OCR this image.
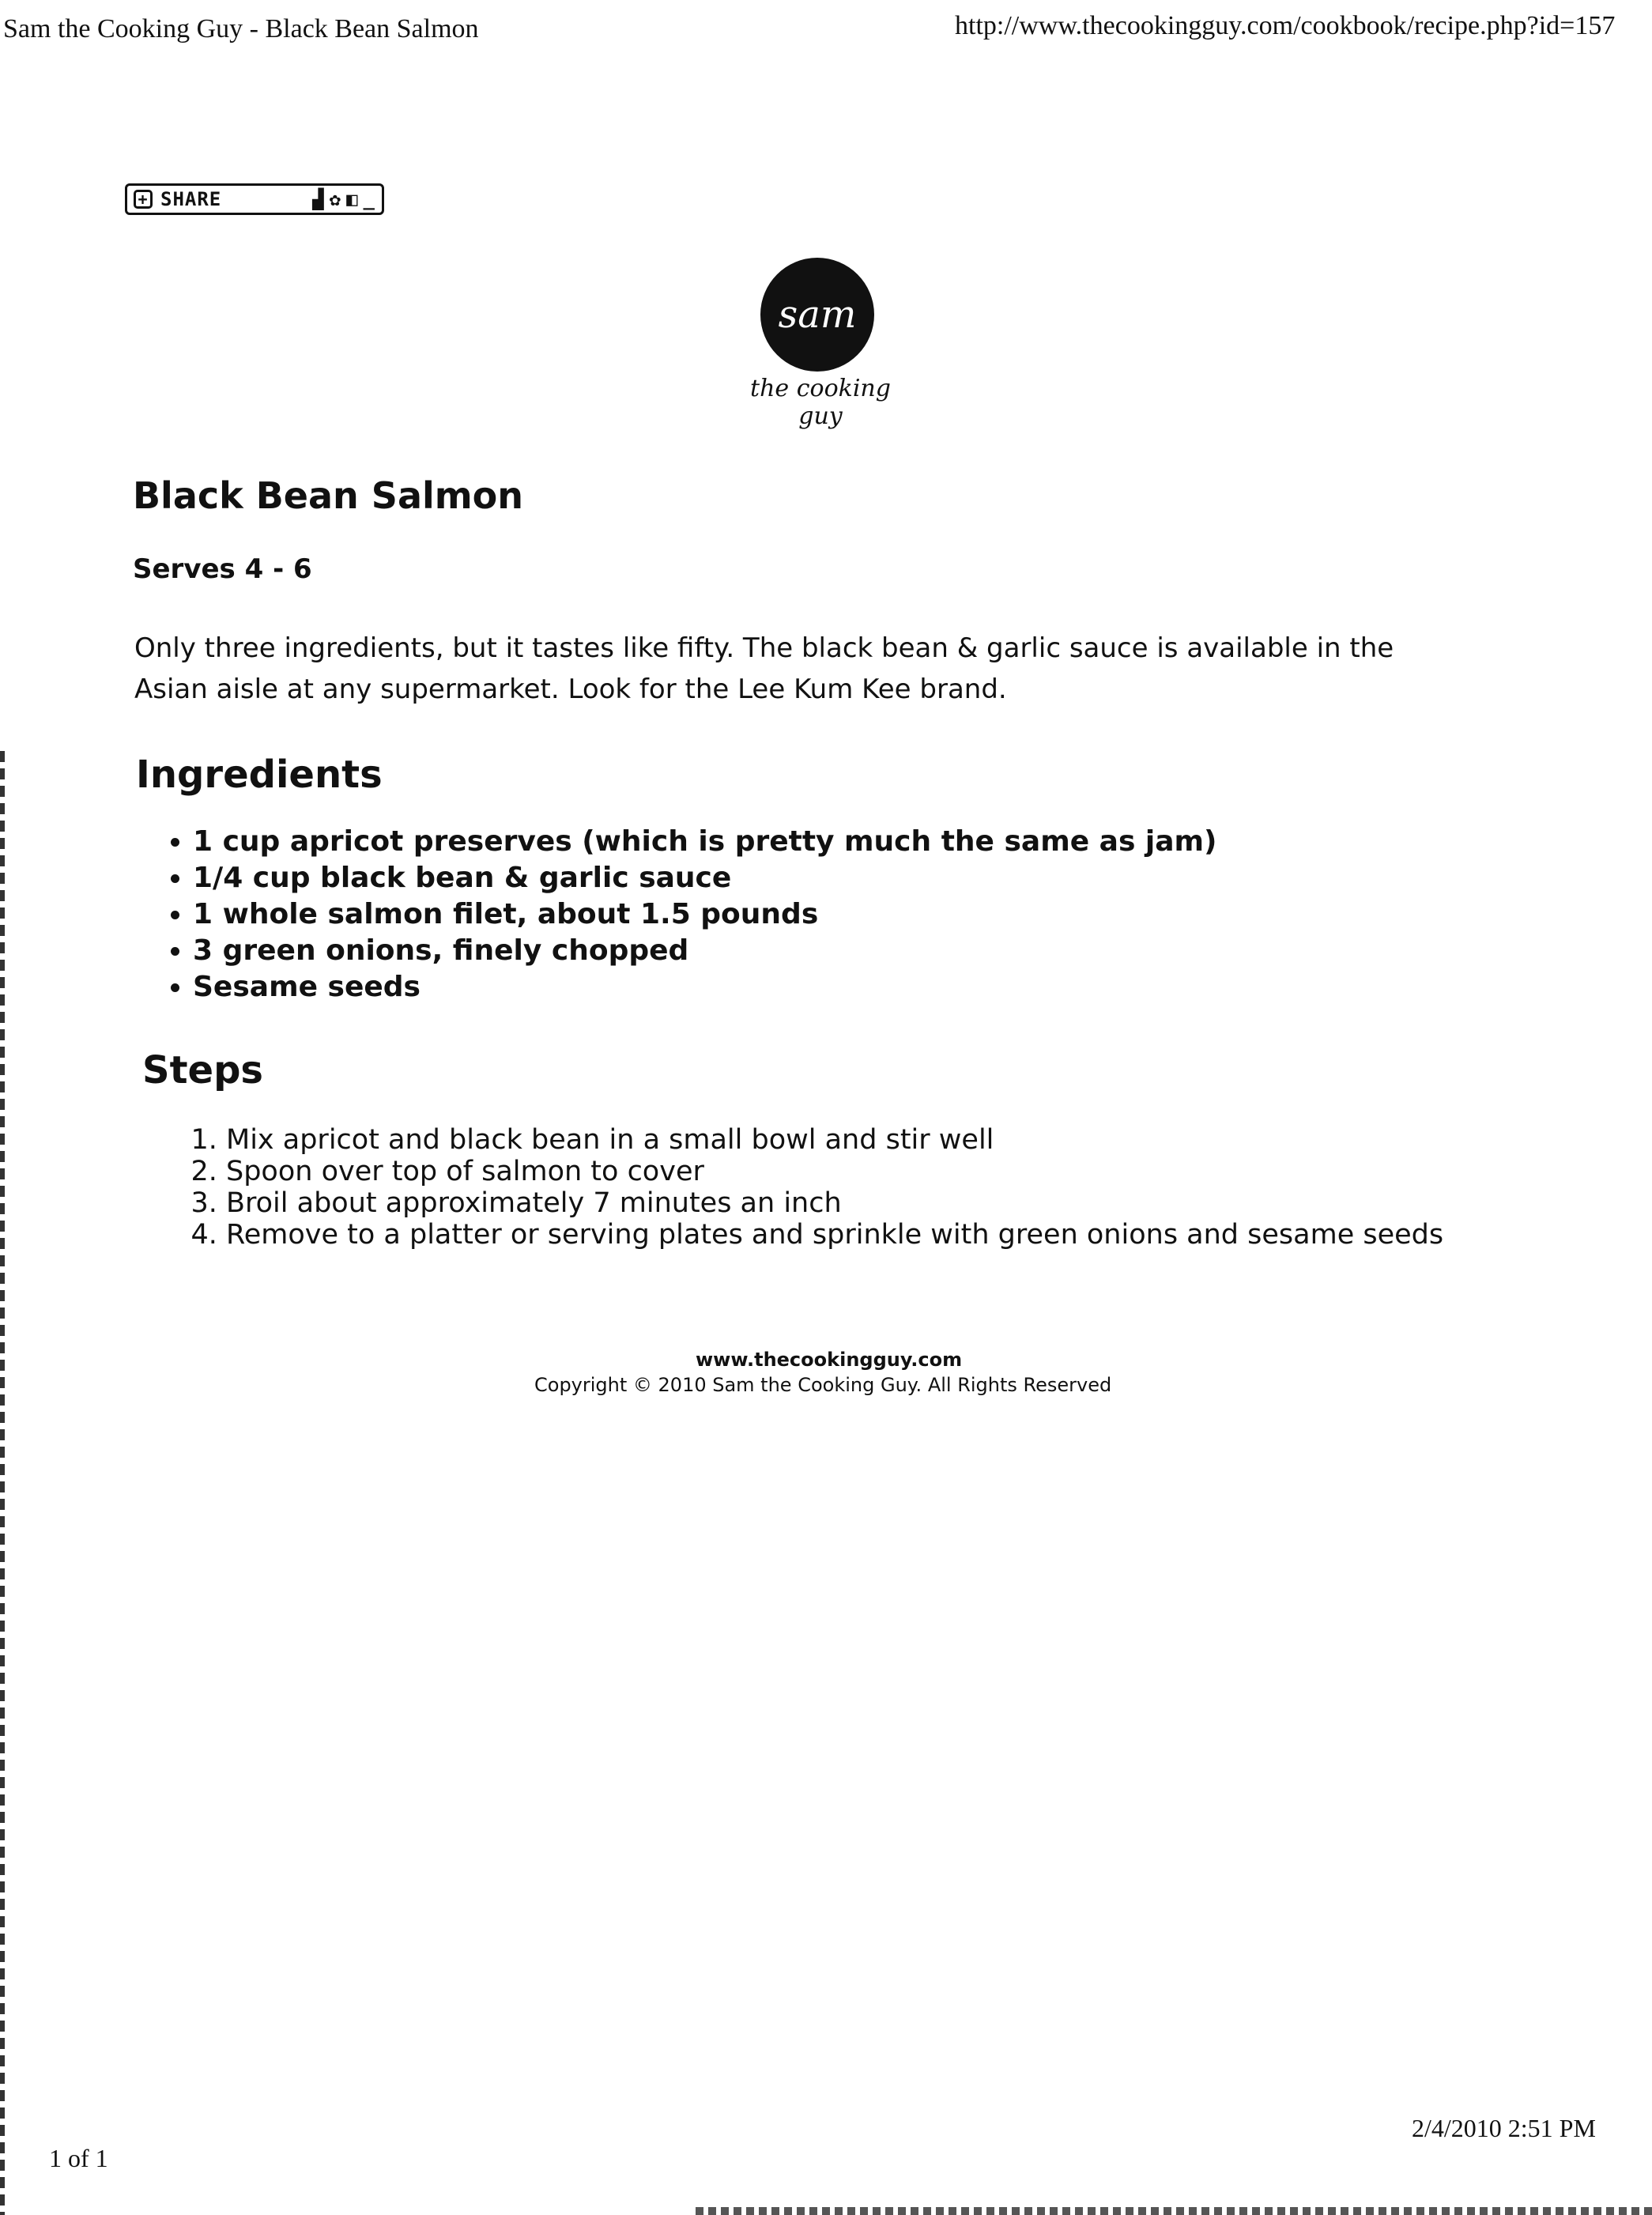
Sam the Cooking Guy - Black Bean Salmon	http://www.thecookingguy.com/cookbook/recipe.php?id=157
+ SHARE	▟ ✿ ◧ _
sam
the cooking guy
Black Bean Salmon
Serves 4 - 6
Only three ingredients, but it tastes like fifty. The black bean & garlic sauce is available in the Asian aisle at any supermarket. Look for the Lee Kum Kee brand.
Ingredients
• 1 cup apricot preserves (which is pretty much the same as jam)
• 1/4 cup black bean & garlic sauce
• 1 whole salmon filet, about 1.5 pounds
• 3 green onions, finely chopped
• Sesame seeds
Steps
1. Mix apricot and black bean in a small bowl and stir well
2. Spoon over top of salmon to cover
3. Broil about approximately 7 minutes an inch
4. Remove to a platter or serving plates and sprinkle with green onions and sesame seeds
www.thecookingguy.com
Copyright © 2010 Sam the Cooking Guy. All Rights Reserved
1 of 1
2/4/2010 2:51 PM
